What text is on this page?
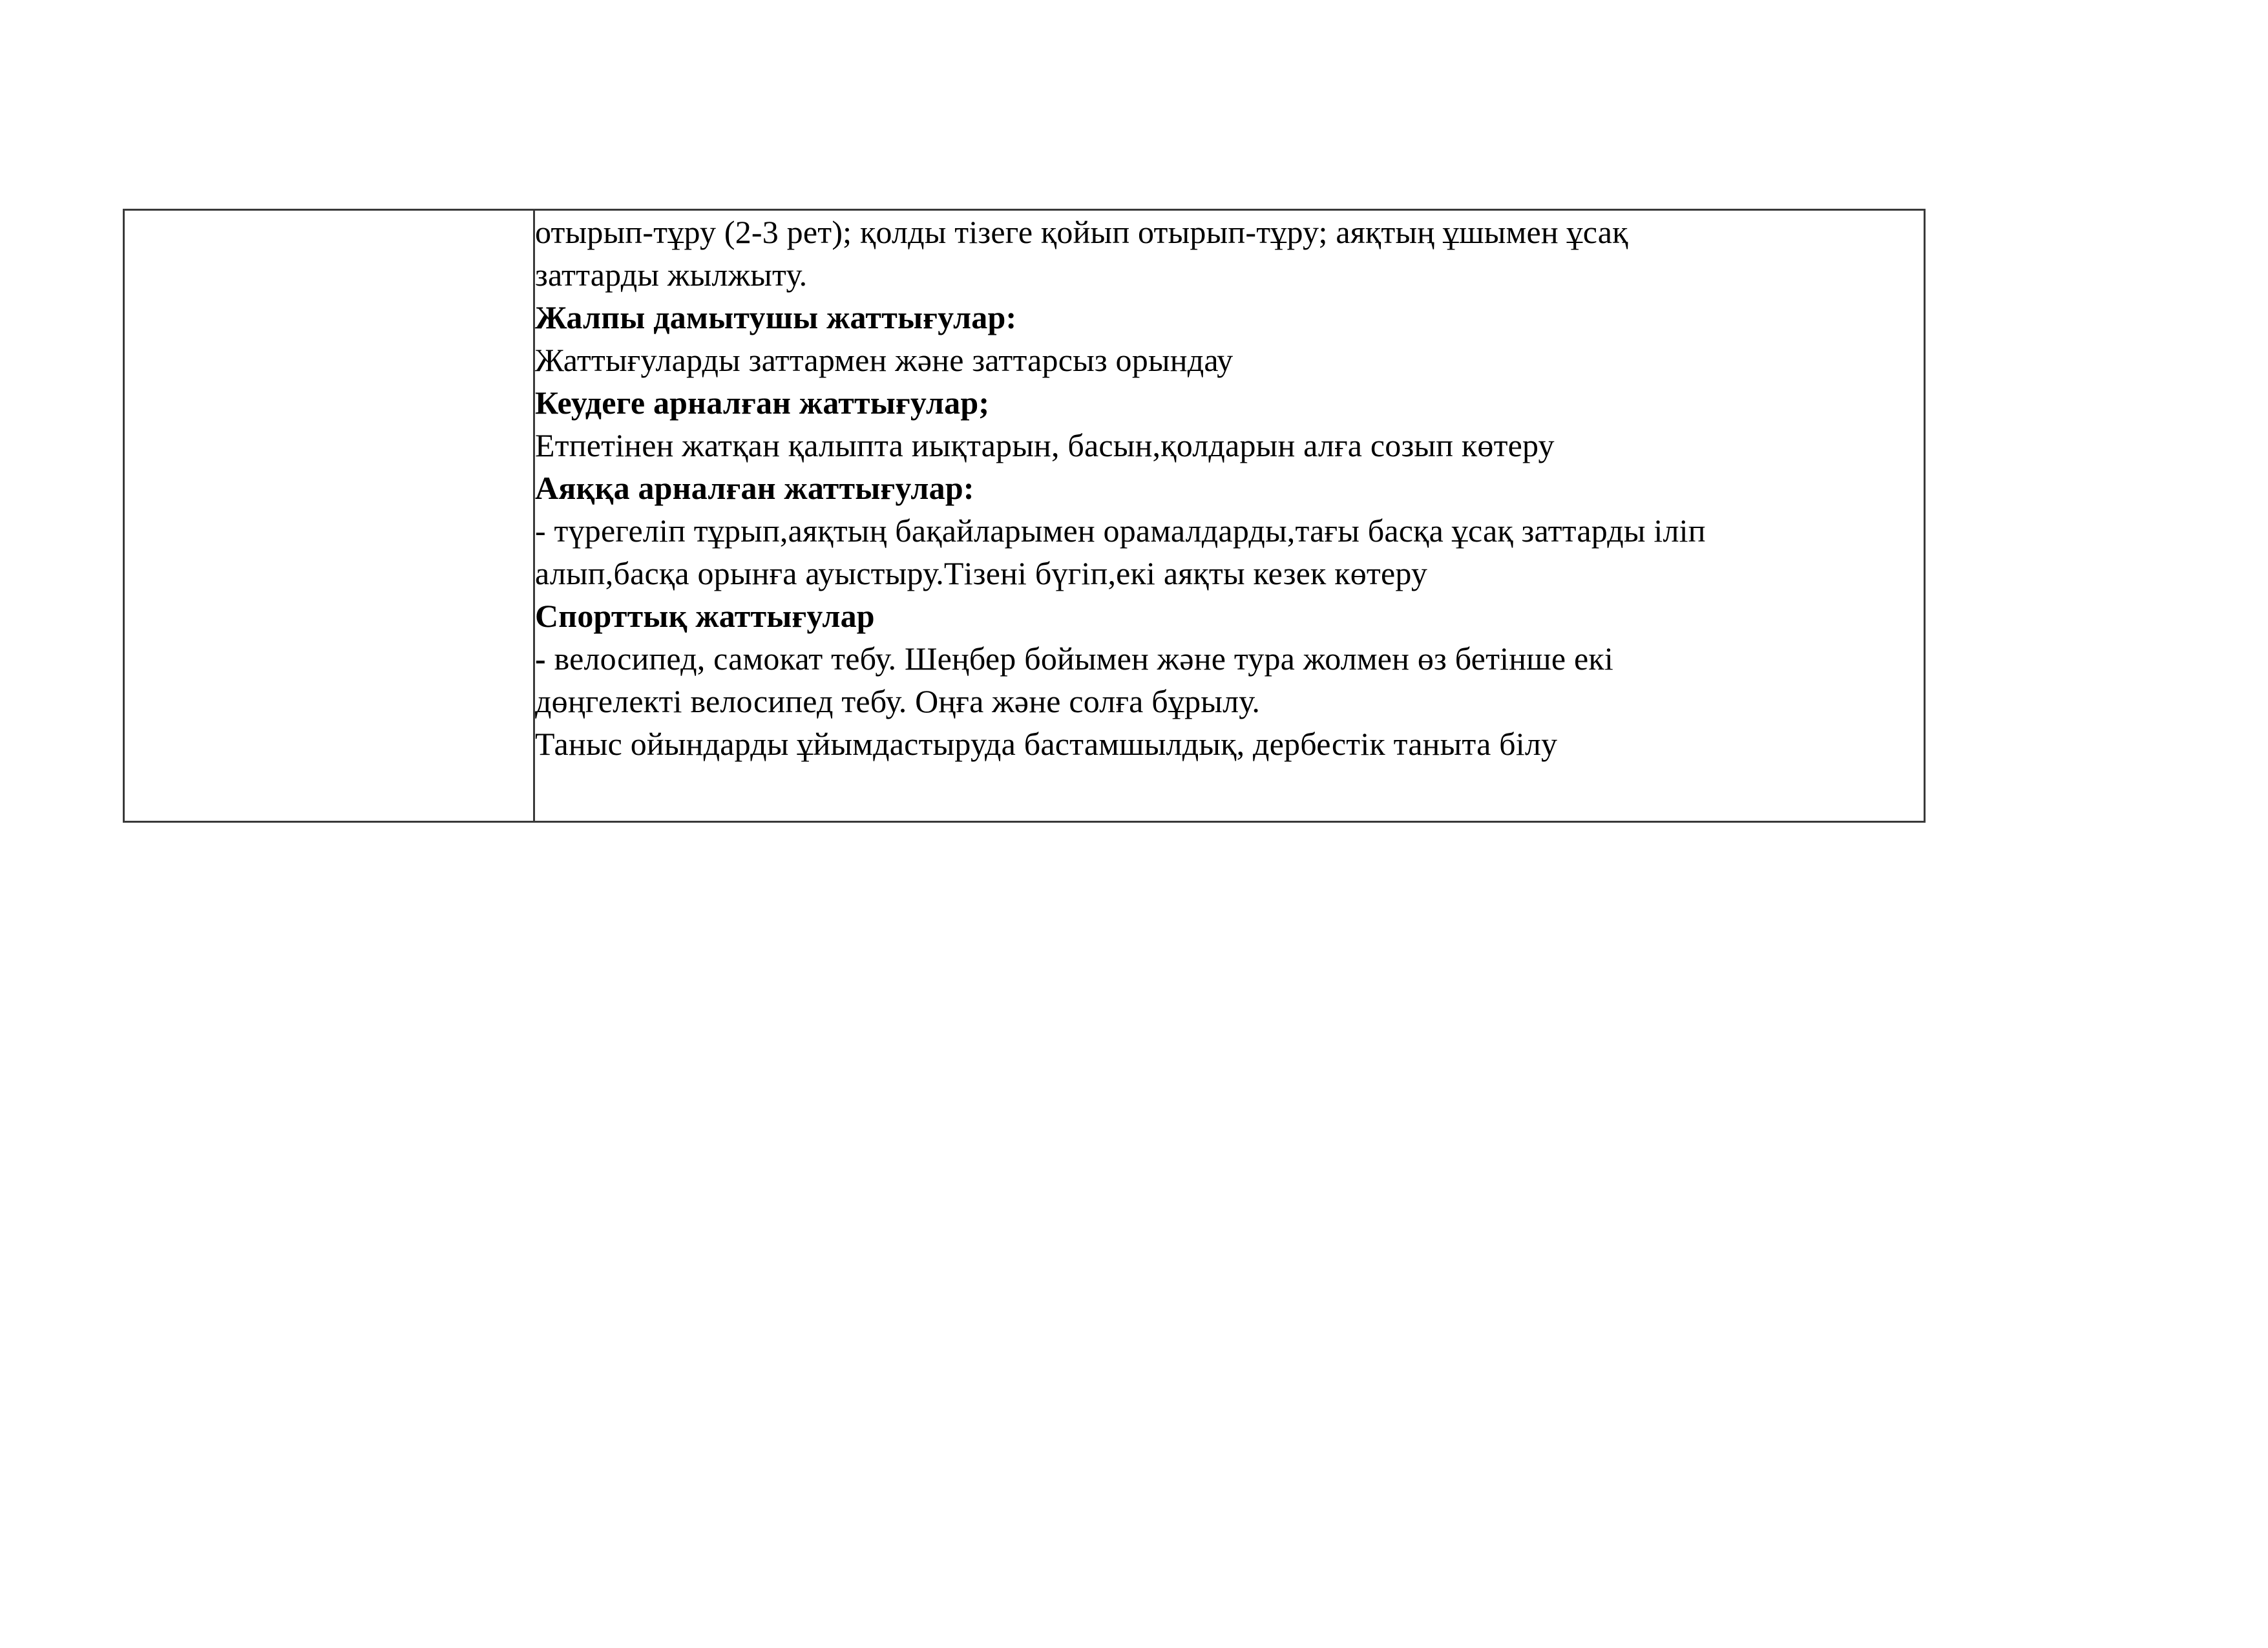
отырып-тұру (2-3 рет); қолды тізеге қойып отырып-тұру; аяқтың ұшымен ұсақ
заттарды жылжыту.
Жалпы дамытушы жаттығулар:
Жаттығуларды заттармен және заттарсыз орындау
Кеудеге арналған жаттығулар;
Етпетінен жатқан қалыпта иықтарын, басын,қолдарын алға созып көтеру
Аяққа арналған жаттығулар:
- түрегеліп тұрып,аяқтың бақайларымен орамалдарды,тағы басқа ұсақ заттарды іліп
алып,басқа орынға ауыстыру.Тізені бүгіп,екі аяқты кезек көтеру
Спорттық жаттығулар
- велосипед, самокат тебу. Шеңбер бойымен және тура жолмен өз бетінше екі
дөңгелекті велосипед тебу. Оңға және солға бұрылу.
Таныс ойындарды ұйымдастыруда бастамшылдық, дербестік таныта білу
